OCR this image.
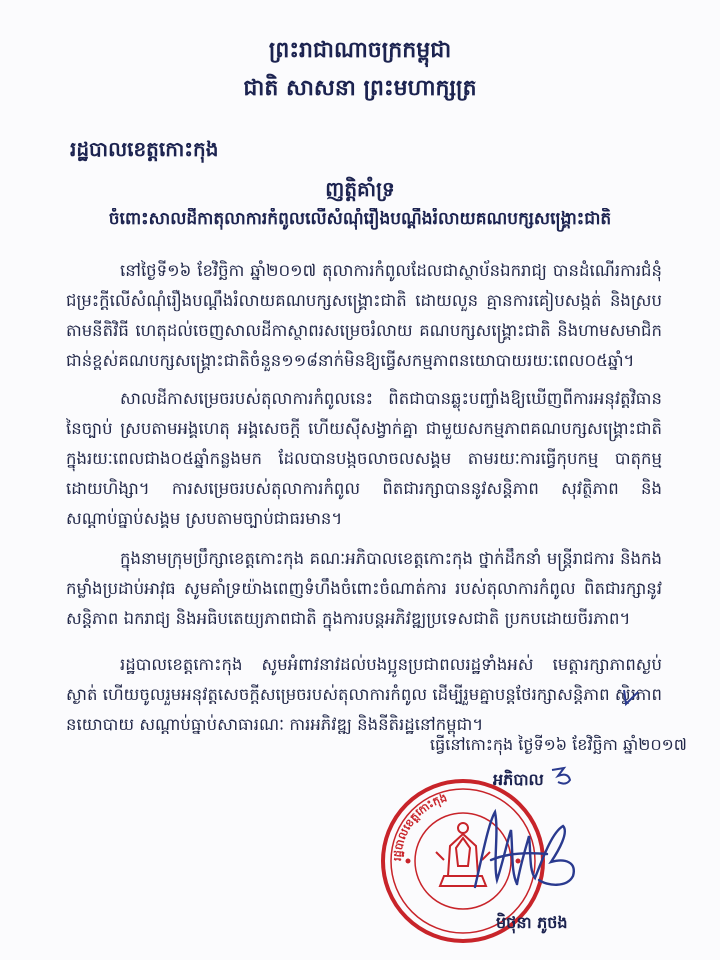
ព្រះរាជាណាចក្រកម្ពុជា
ជាតិ សាសនា ព្រះមហាក្សត្រ
រដ្ឋបាលខេត្តកោះកុង
ញត្តិគាំទ្រ
ចំពោះសាលដីកាតុលាការកំពូលលើសំណុំរឿងបណ្ដឹងរំលាយគណបក្សសង្គ្រោះជាតិ

នៅថ្ងៃទី១៦ ខែវិច្ឆិកា ឆ្នាំ២០១៧ តុលាការកំពូលដែលជាស្ថាប័នឯករាជ្យ បានដំណើរការជំនុំជម្រះក្ដីលើសំណុំរឿងបណ្ដឹងរំលាយគណបក្សសង្គ្រោះជាតិ ដោយលួន គ្មានការគៀបសង្កត់ និងស្របតាមនីតិវិធី ហេតុដល់ចេញសាលដីកាស្ថាពរសម្រេចរំលាយ គណបក្សសង្គ្រោះជាតិ និងហាមសមាជិកជាន់ខ្ពស់គណបក្សសង្គ្រោះជាតិចំនួន១១៨នាក់មិនឱ្យធ្វើសកម្មភាពនយោបាយរយៈពេល០៥ឆ្នាំ។

សាលដីកាសម្រេចរបស់តុលាការកំពូលនេះ ពិតជាបានឆ្លុះបញ្ចាំងឱ្យឃើញពីការអនុវត្តវិធាន នៃច្បាប់ ស្របតាមអង្គហេតុ អង្គសេចក្ដី ហើយស៊ីសង្វាក់គ្នា ជាមួយសកម្មភាពគណបក្សសង្គ្រោះជាតិ ក្នុងរយៈពេលជាង០៥ឆ្នាំកន្លងមក ដែលបានបង្កចលាចលសង្គម តាមរយៈការធ្វើកុបកម្ម បាតុកម្មដោយហិង្សា។ ការសម្រេចរបស់តុលាការកំពូល ពិតជារក្សាបាននូវសន្តិភាព សុវត្ថិភាព និងសណ្ដាប់ធ្នាប់សង្គម ស្របតាមច្បាប់ជាធរមាន។

ក្នុងនាមក្រុមប្រឹក្សាខេត្តកោះកុង គណៈអភិបាលខេត្តកោះកុង ថ្នាក់ដឹកនាំ មន្ត្រីរាជការ និងកងកម្លាំងប្រដាប់អាវុធ សូមគាំទ្រយ៉ាងពេញទំហឹងចំពោះចំណាត់ការ របស់តុលាការកំពូល ពិតជារក្សានូវសន្តិភាព ឯករាជ្យ និងអធិបតេយ្យភាពជាតិ ក្នុងការបន្តអភិវឌ្ឍប្រទេសជាតិ ប្រកបដោយចីរភាព។

រដ្ឋបាលខេត្តកោះកុង សូមអំពាវនាវដល់បងប្អូនប្រជាពលរដ្ឋទាំងអស់ មេត្តារក្សាភាពស្ងប់ស្ងាត់ ហើយចូលរួមអនុវត្តសេចក្ដីសម្រេចរបស់តុលាការកំពូល ដើម្បីរួមគ្នាបន្តថែរក្សាសន្តិភាព ស្ថិរភាពនយោបាយ សណ្ដាប់ធ្នាប់សាធារណៈ ការអភិវឌ្ឍ និងនីតិរដ្ឋនៅកម្ពុជា។

ធ្វើនៅកោះកុង ថ្ងៃទី១៦ ខែវិច្ឆិកា ឆ្នាំ២០១៧
អភិបាល
រដ្ឋបាលខេត្តកោះកុង
មិថុនា ភូថង
